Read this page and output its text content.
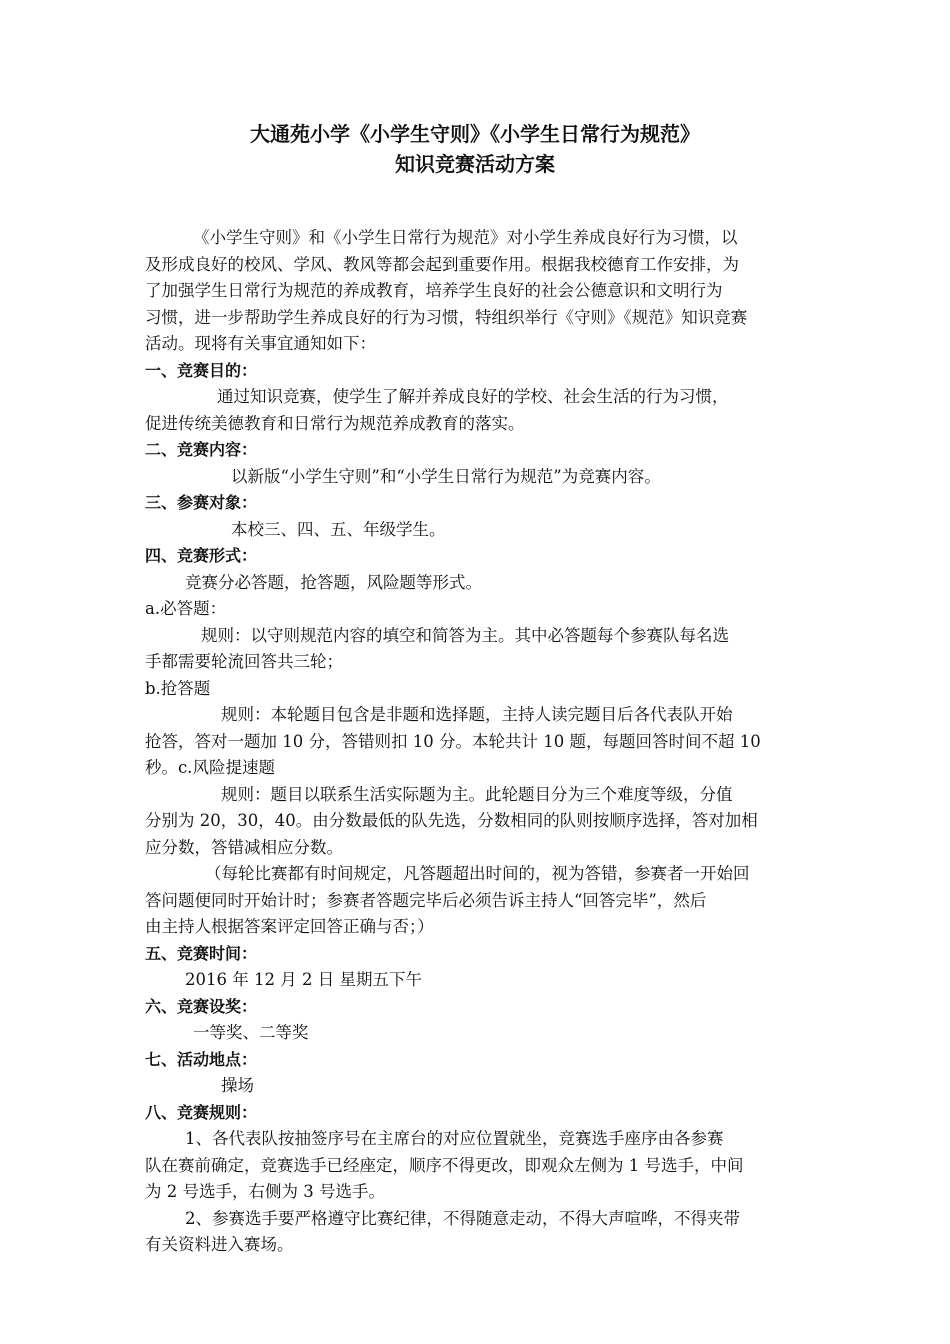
大通苑小学《小学生守则》《小学生日常行为规范》

知识竞赛活动方案

《小学生守则》和《小学生日常行为规范》对小学生养成良好行为习惯，以

及形成良好的校风、学风、教风等都会起到重要作用。根据我校德育工作安排，为

了加强学生日常行为规范的养成教育，培养学生良好的社会公德意识和文明行为

习惯，进一步帮助学生养成良好的行为习惯，特组织举行《守则》《规范》知识竞赛

活动。现将有关事宜通知如下：

一、竞赛目的：

通过知识竞赛，使学生了解并养成良好的学校、社会生活的行为习惯，

促进传统美德教育和日常行为规范养成教育的落实。

二、竞赛内容：

以新版“小学生守则”和“小学生日常行为规范”为竞赛内容。

三、参赛对象：

本校三、四、五、年级学生。

四、竞赛形式：

竞赛分必答题，抢答题，风险题等形式。

a.必答题：

规则：以守则规范内容的填空和简答为主。其中必答题每个参赛队每名选

手都需要轮流回答共三轮；

b.抢答题

规则：本轮题目包含是非题和选择题，主持人读完题目后各代表队开始

抢答，答对一题加 10 分，答错则扣 10 分。本轮共计 10 题，每题回答时间不超 10

秒。c.风险提速题

规则：题目以联系生活实际题为主。此轮题目分为三个难度等级，分值

分别为 20，30，40。由分数最低的队先选，分数相同的队则按顺序选择，答对加相

应分数，答错减相应分数。

（每轮比赛都有时间规定，凡答题超出时间的，视为答错，参赛者一开始回

答问题便同时开始计时；参赛者答题完毕后必须告诉主持人“回答完毕”，然后

由主持人根据答案评定回答正确与否；）

五、竞赛时间：

2016 年 12 月 2 日 星期五下午

六、竞赛设奖：

一等奖、二等奖

七、活动地点：

操场

八、竞赛规则：

1、各代表队按抽签序号在主席台的对应位置就坐，竞赛选手座序由各参赛

队在赛前确定，竞赛选手已经座定，顺序不得更改，即观众左侧为 1 号选手，中间

为 2 号选手，右侧为 3 号选手。

2、参赛选手要严格遵守比赛纪律，不得随意走动，不得大声喧哗，不得夹带

有关资料进入赛场。
